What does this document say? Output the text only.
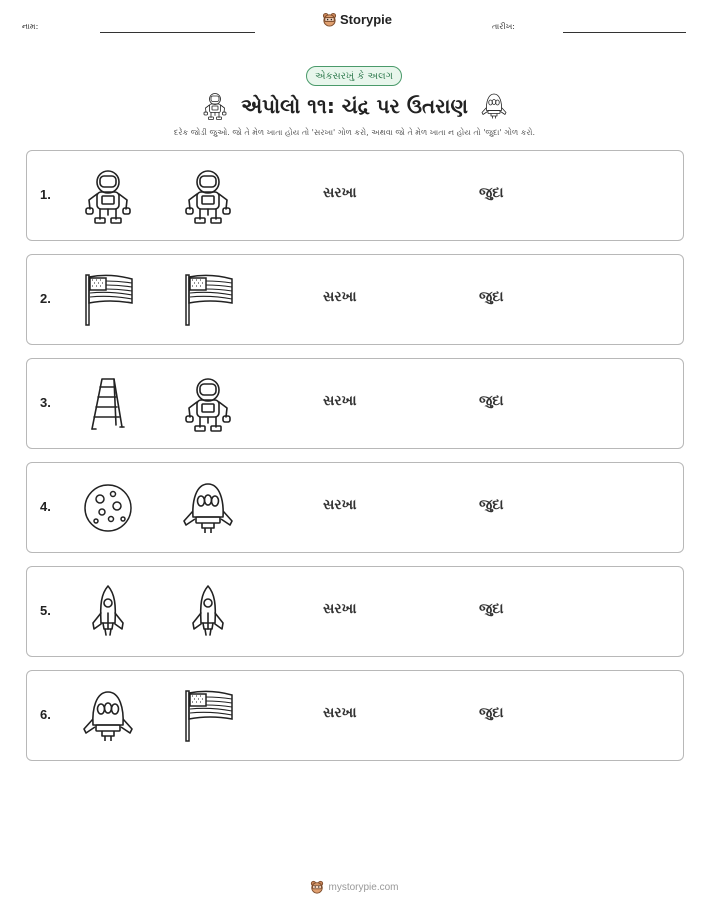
નામ:	Storypie	તારીખ:
એકસરખું કે અલગ
એપોલો ૧૧: ચંદ્ર પર ઉતરાણ
દરેક જોડી જુઓ. જો તે મેળ ખાતા હોય તો 'સરખા' ગોળ કરો, અથવા જો તે મેળ ખાતા ન હોય તો 'જુદા' ગોળ કરો.
1.	સરખા	જુદા
2.	સરખા	જુદા
3.	સરખા	જુદા
4.	સરખા	જુદા
5.	સરખા	જુદા
6.	સરખા	જુદા
mystorypie.com
